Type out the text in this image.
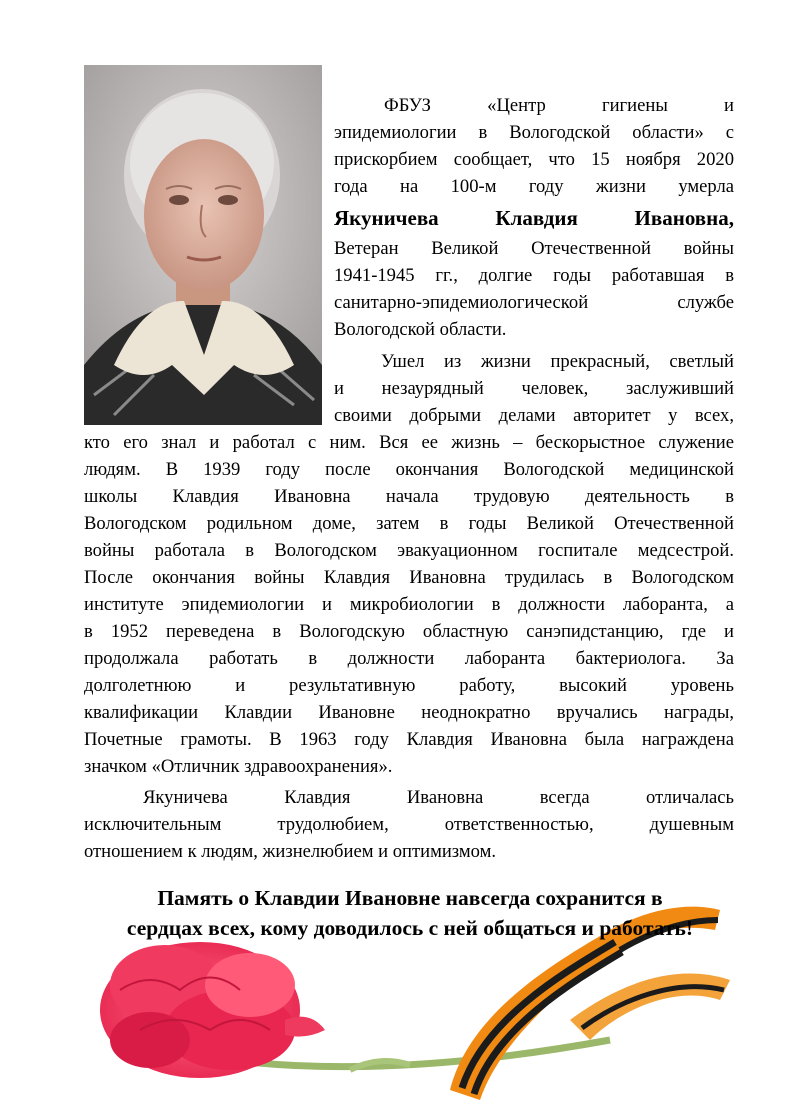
ФБУЗ «Центр гигиены и
эпидемиологии в Вологодской области» с
прискорбием сообщает, что 15 ноября 2020
года на 100-м году жизни умерла
Якуничева Клавдия Ивановна,
Ветеран Великой Отечественной войны
1941-1945 гг., долгие годы работавшая в
санитарно-эпидемиологической службе
Вологодской области.
Ушел из жизни прекрасный, светлый
и незаурядный человек, заслуживший
своими добрыми делами авторитет у всех,
кто его знал и работал с ним. Вся ее жизнь – бескорыстное служение
людям. В 1939 году после окончания Вологодской медицинской
школы Клавдия Ивановна начала трудовую деятельность в
Вологодском родильном доме, затем в годы Великой Отечественной
войны работала в Вологодском эвакуационном госпитале медсестрой.
После окончания войны Клавдия Ивановна трудилась в Вологодском
институте эпидемиологии и микробиологии в должности лаборанта, а
в 1952 переведена в Вологодскую областную санэпидстанцию, где и
продолжала работать в должности лаборанта бактериолога. За
долголетнюю и результативную работу, высокий уровень
квалификации Клавдии Ивановне неоднократно вручались награды,
Почетные грамоты. В 1963 году Клавдия Ивановна была награждена
значком «Отличник здравоохранения».
Якуничева Клавдия Ивановна всегда отличалась
исключительным трудолюбием, ответственностью, душевным
отношением к людям, жизнелюбием и оптимизмом.
Память о Клавдии Ивановне навсегда сохранится в
сердцах всех, кому доводилось с ней общаться и работать!
